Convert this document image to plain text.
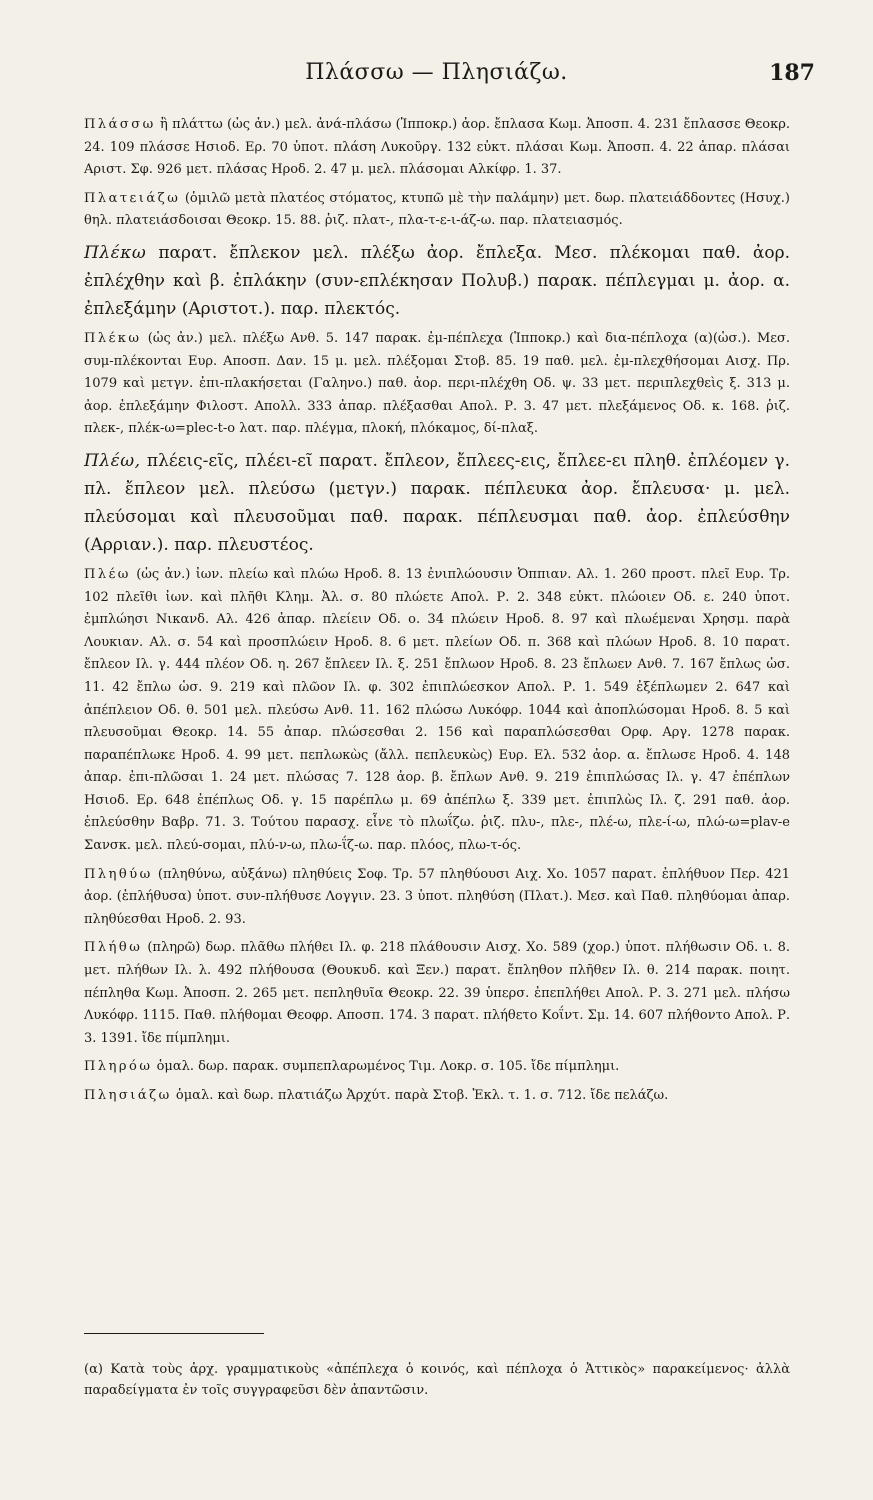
Πλάσσω — Πλησιάζω.	187

Πλάσσω ἢ πλάττω (ὡς ἀν.) μελ. ἀνά-πλάσω (Ἱπποκρ.) ἀορ. ἔπλασα Κωμ. Ἀποσπ. 4. 231 ἔπλασσε Θεοκρ. 24. 109 πλάσσε Ησιοδ. Ερ. 70 ὑποτ. πλάση Λυκοῦργ. 132 εὐκτ. πλάσαι Κωμ. Ἀποσπ. 4. 22 ἀπαρ. πλάσαι Αριστ. Σφ. 926 μετ. πλάσας Ηροδ. 2. 47 μ. μελ. πλάσομαι Αλκίφρ. 1. 37.

Πλατειάζω (ὁμιλῶ μετὰ πλατέος στόματος, κτυπῶ μὲ τὴν παλάμην) μετ. δωρ. πλατειάδδοντες (Ησυχ.) θηλ. πλατειάσδοισαι Θεοκρ. 15. 88. ῥιζ. πλατ-, πλα-τ-ε-ι-άζ-ω. παρ. πλατειασμός.

Πλέκω παρατ. ἔπλεκον μελ. πλέξω ἀορ. ἔπλεξα. Μεσ. πλέκομαι παθ. ἀορ. ἐπλέχθην καὶ β. ἐπλάκην (συν-επλέκησαν Πολυβ.) παρακ. πέπλεγμαι μ. ἀορ. α. ἐπλεξάμην (Αριστοτ.). παρ. πλεκτός.

Πλέκω (ὡς ἀν.) μελ. πλέξω Ανθ. 5. 147 παρακ. ἐμ-πέπλεχα (Ἱπποκρ.) καὶ δια-πέπλοχα (α)(ὡσ.). Μεσ. συμ-πλέκονται Ευρ. Αποσπ. Δαν. 15 μ. μελ. πλέξομαι Στοβ. 85. 19 παθ. μελ. ἐμ-πλεχθήσομαι Αισχ. Πρ. 1079 καὶ μετγν. ἐπι-πλακήσεται (Γαληνο.) παθ. ἀορ. περι-πλέχθη Οδ. ψ. 33 μετ. περιπλεχθεὶς ξ. 313 μ. ἀορ. ἐπλεξάμην Φιλοστ. Απολλ. 333 ἀπαρ. πλέξασθαι Απολ. Ρ. 3. 47 μετ. πλεξάμενος Οδ. κ. 168. ῥιζ. πλεκ-, πλέκ-ω=plec-t-o λατ. παρ. πλέγμα, πλοκή, πλόκαμος, δί-πλαξ.

Πλέω, πλέεις-εῖς, πλέει-εῖ παρατ. ἔπλεον, ἔπλεες-εις, ἔπλεε-ει πληθ. ἐπλέομεν γ. πλ. ἔπλεον μελ. πλεύσω (μετγν.) παρακ. πέπλευκα ἀορ. ἔπλευσα· μ. μελ. πλεύσομαι καὶ πλευσοῦμαι παθ. παρακ. πέπλευσμαι παθ. ἀορ. ἐπλεύσθην (Αρριαν.). παρ. πλευστέος.

Πλέω (ὡς ἀν.) ἰων. πλείω καὶ πλώω Ηροδ. 8. 13 ἐνιπλώουσιν Ὀππιαν. Αλ. 1. 260 προστ. πλεῖ Ευρ. Τρ. 102 πλεῖθι ἰων. καὶ πλῆθι Κλημ. Ἀλ. σ. 80 πλώετε Απολ. Ρ. 2. 348 εὐκτ. πλώοιεν Οδ. ε. 240 ὑποτ. ἐμπλώησι Νικανδ. Αλ. 426 ἀπαρ. πλείειν Οδ. ο. 34 πλώειν Ηροδ. 8. 97 καὶ πλωέμεναι Χρησμ. παρὰ Λουκιαν. Αλ. σ. 54 καὶ προσπλώειν Ηροδ. 8. 6 μετ. πλείων Οδ. π. 368 καὶ πλώων Ηροδ. 8. 10 παρατ. ἔπλεον Ιλ. γ. 444 πλέον Οδ. η. 267 ἔπλεεν Ιλ. ξ. 251 ἔπλωον Ηροδ. 8. 23 ἔπλωεν Ανθ. 7. 167 ἔπλως ὡσ. 11. 42 ἔπλω ὡσ. 9. 219 καὶ πλῶον Ιλ. φ. 302 ἐπιπλώεσκον Απολ. Ρ. 1. 549 ἐξέπλωμεν 2. 647 καὶ ἀπέπλειον Οδ. θ. 501 μελ. πλεύσω Ανθ. 11. 162 πλώσω Λυκόφρ. 1044 καὶ ἀποπλώσομαι Ηροδ. 8. 5 καὶ πλευσοῦμαι Θεοκρ. 14. 55 ἀπαρ. πλώσεσθαι 2. 156 καὶ παραπλώσεσθαι Ορφ. Αργ. 1278 παρακ. παραπέπλωκε Ηροδ. 4. 99 μετ. πεπλωκὼς (ἄλλ. πεπλευκὼς) Ευρ. Ελ. 532 ἀορ. α. ἔπλωσε Ηροδ. 4. 148 ἀπαρ. ἐπι-πλῶσαι 1. 24 μετ. πλώσας 7. 128 ἀορ. β. ἔπλων Ανθ. 9. 219 ἐπιπλώσας Ιλ. γ. 47 ἐπέπλων Ησιοδ. Ερ. 648 ἐπέπλως Οδ. γ. 15 παρέπλω μ. 69 ἀπέπλω ξ. 339 μετ. ἐπιπλὼς Ιλ. ζ. 291 παθ. ἀορ. ἐπλεύσθην Βαβρ. 71. 3. Τούτου παρασχ. εἶνε τὸ πλωΐζω. ῥιζ. πλυ-, πλε-, πλέ-ω, πλε-ί-ω, πλώ-ω=plav-e Σανσκ. μελ. πλεύ-σομαι, πλύ-ν-ω, πλω-ΐζ-ω. παρ. πλόος, πλω-τ-ός.

Πληθύω (πληθύνω, αὐξάνω) πληθύεις Σοφ. Τρ. 57 πληθύουσι Αιχ. Χο. 1057 παρατ. ἐπλήθυον Περ. 421 ἀορ. (ἐπλήθυσα) ὑποτ. συν-πλήθυσε Λογγιν. 23. 3 ὑποτ. πληθύση (Πλατ.). Μεσ. καὶ Παθ. πληθύομαι ἀπαρ. πληθύεσθαι Ηροδ. 2. 93.

Πλήθω (πληρῶ) δωρ. πλᾶθω πλήθει Ιλ. φ. 218 πλάθουσιν Αισχ. Χο. 589 (χορ.) ὑποτ. πλήθωσιν Οδ. ι. 8. μετ. πλήθων Ιλ. λ. 492 πλήθουσα (Θουκυδ. καὶ Ξεν.) παρατ. ἔπληθον πλῆθεν Ιλ. θ. 214 παρακ. ποιητ. πέπληθα Κωμ. Ἀποσπ. 2. 265 μετ. πεπληθυῖα Θεοκρ. 22. 39 ὑπερσ. ἐπεπλήθει Απολ. Ρ. 3. 271 μελ. πλήσω Λυκόφρ. 1115. Παθ. πλήθομαι Θεοφρ. Αποσπ. 174. 3 παρατ. πλήθετο Κοΐντ. Σμ. 14. 607 πλήθοντο Απολ. Ρ. 3. 1391. ἴδε πίμπλημι.

Πληρόω ὁμαλ. δωρ. παρακ. συμπεπλαρωμένος Τιμ. Λοκρ. σ. 105. ἴδε πίμπλημι.

Πλησιάζω ὁμαλ. καὶ δωρ. πλατιάζω Ἀρχύτ. παρὰ Στοβ. Ἐκλ. τ. 1. σ. 712. ἴδε πελάζω.

(α) Κατὰ τοὺς ἀρχ. γραμματικοὺς «ἀπέπλεχα ὁ κοινός, καὶ πέπλοχα ὁ Ἀττικὸς» παρακείμενος· ἀλλὰ παραδείγματα ἐν τοῖς συγγραφεῦσι δὲν ἀπαντῶσιν.
